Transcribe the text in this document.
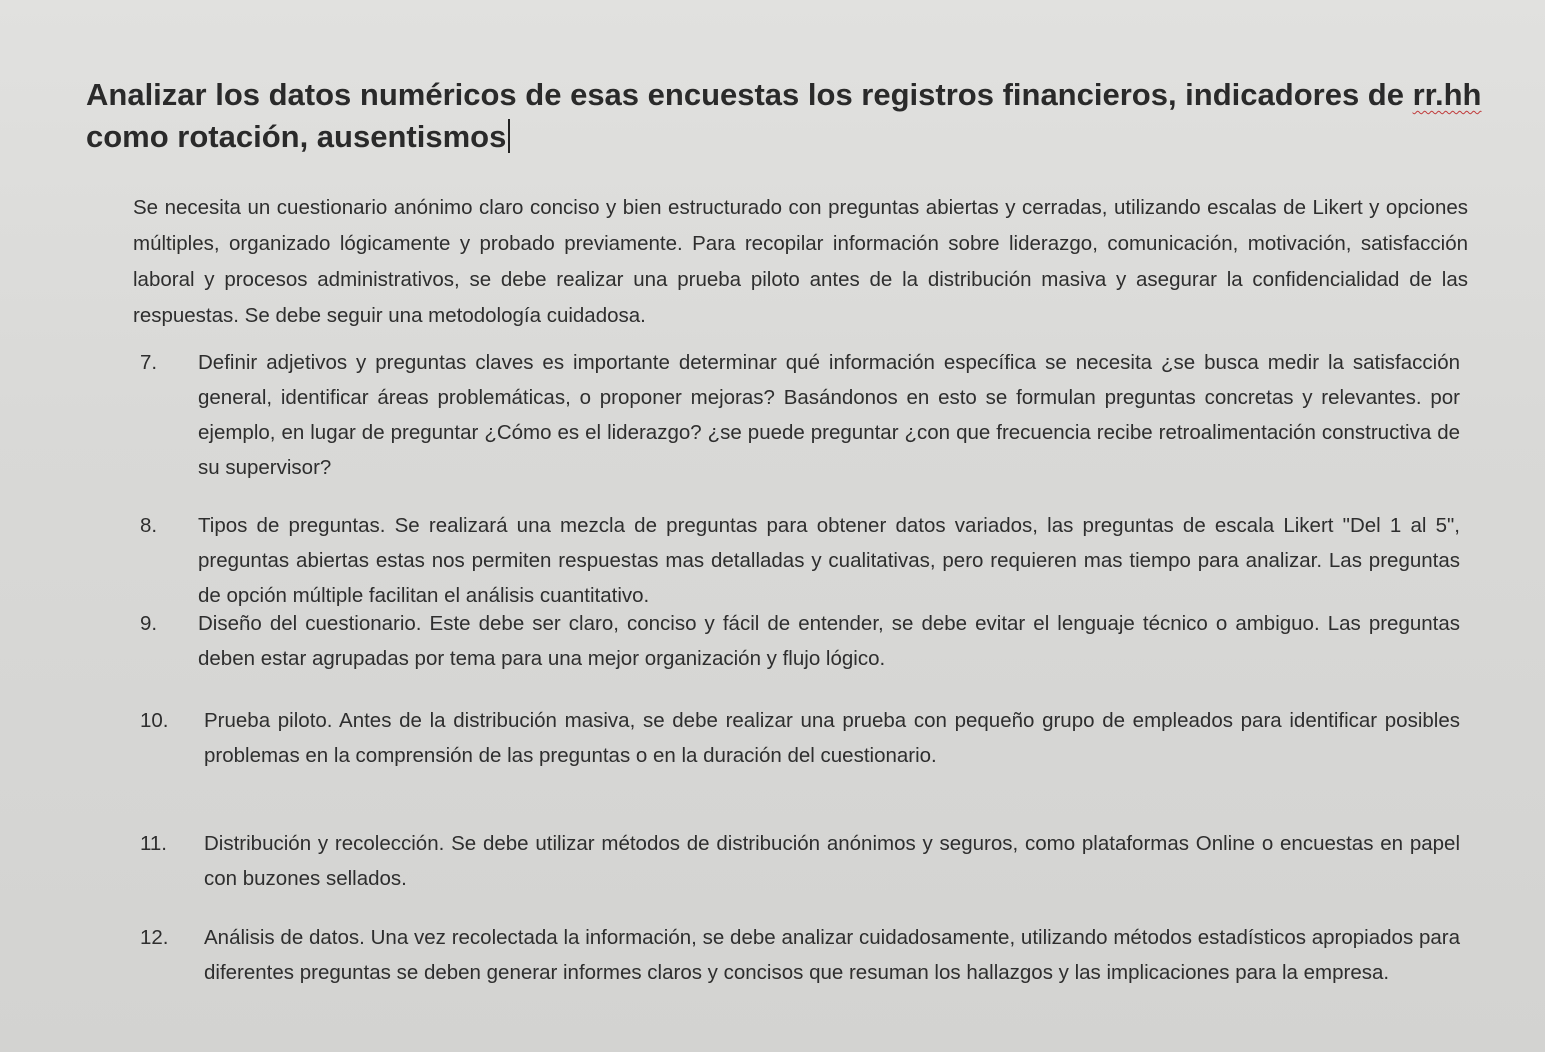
Analizar los datos numéricos de esas encuestas los registros financieros, indicadores de rr.hh como rotación, ausentismos

Se necesita un cuestionario anónimo claro conciso y bien estructurado con preguntas abiertas y cerradas, utilizando escalas de Likert y opciones múltiples, organizado lógicamente y probado previamente. Para recopilar información sobre liderazgo, comunicación, motivación, satisfacción laboral y procesos administrativos, se debe realizar una prueba piloto antes de la distribución masiva y asegurar la confidencialidad de las respuestas. Se debe seguir una metodología cuidadosa.

7.	Definir adjetivos y preguntas claves es importante determinar qué información específica se necesita ¿se busca medir la satisfacción general, identificar áreas problemáticas, o proponer mejoras? Basándonos en esto se formulan preguntas concretas y relevantes. por ejemplo, en lugar de preguntar ¿Cómo es el liderazgo? ¿se puede preguntar ¿con que frecuencia recibe retroalimentación constructiva de su supervisor?
8.	Tipos de preguntas. Se realizará una mezcla de preguntas para obtener datos variados, las preguntas de escala Likert "Del 1 al 5", preguntas abiertas estas nos permiten respuestas mas detalladas y cualitativas, pero requieren mas tiempo para analizar. Las preguntas de opción múltiple facilitan el análisis cuantitativo.
9.	Diseño del cuestionario. Este debe ser claro, conciso y fácil de entender, se debe evitar el lenguaje técnico o ambiguo. Las preguntas deben estar agrupadas por tema para una mejor organización y flujo lógico.
10.	Prueba piloto. Antes de la distribución masiva, se debe realizar una prueba con pequeño grupo de empleados para identificar posibles problemas en la comprensión de las preguntas o en la duración del cuestionario.
11.	Distribución y recolección. Se debe utilizar métodos de distribución anónimos y seguros, como plataformas Online o encuestas en papel con buzones sellados.
12.	Análisis de datos. Una vez recolectada la información, se debe analizar cuidadosamente, utilizando métodos estadísticos apropiados para diferentes preguntas se deben generar informes claros y concisos que resuman los hallazgos y las implicaciones para la empresa.
